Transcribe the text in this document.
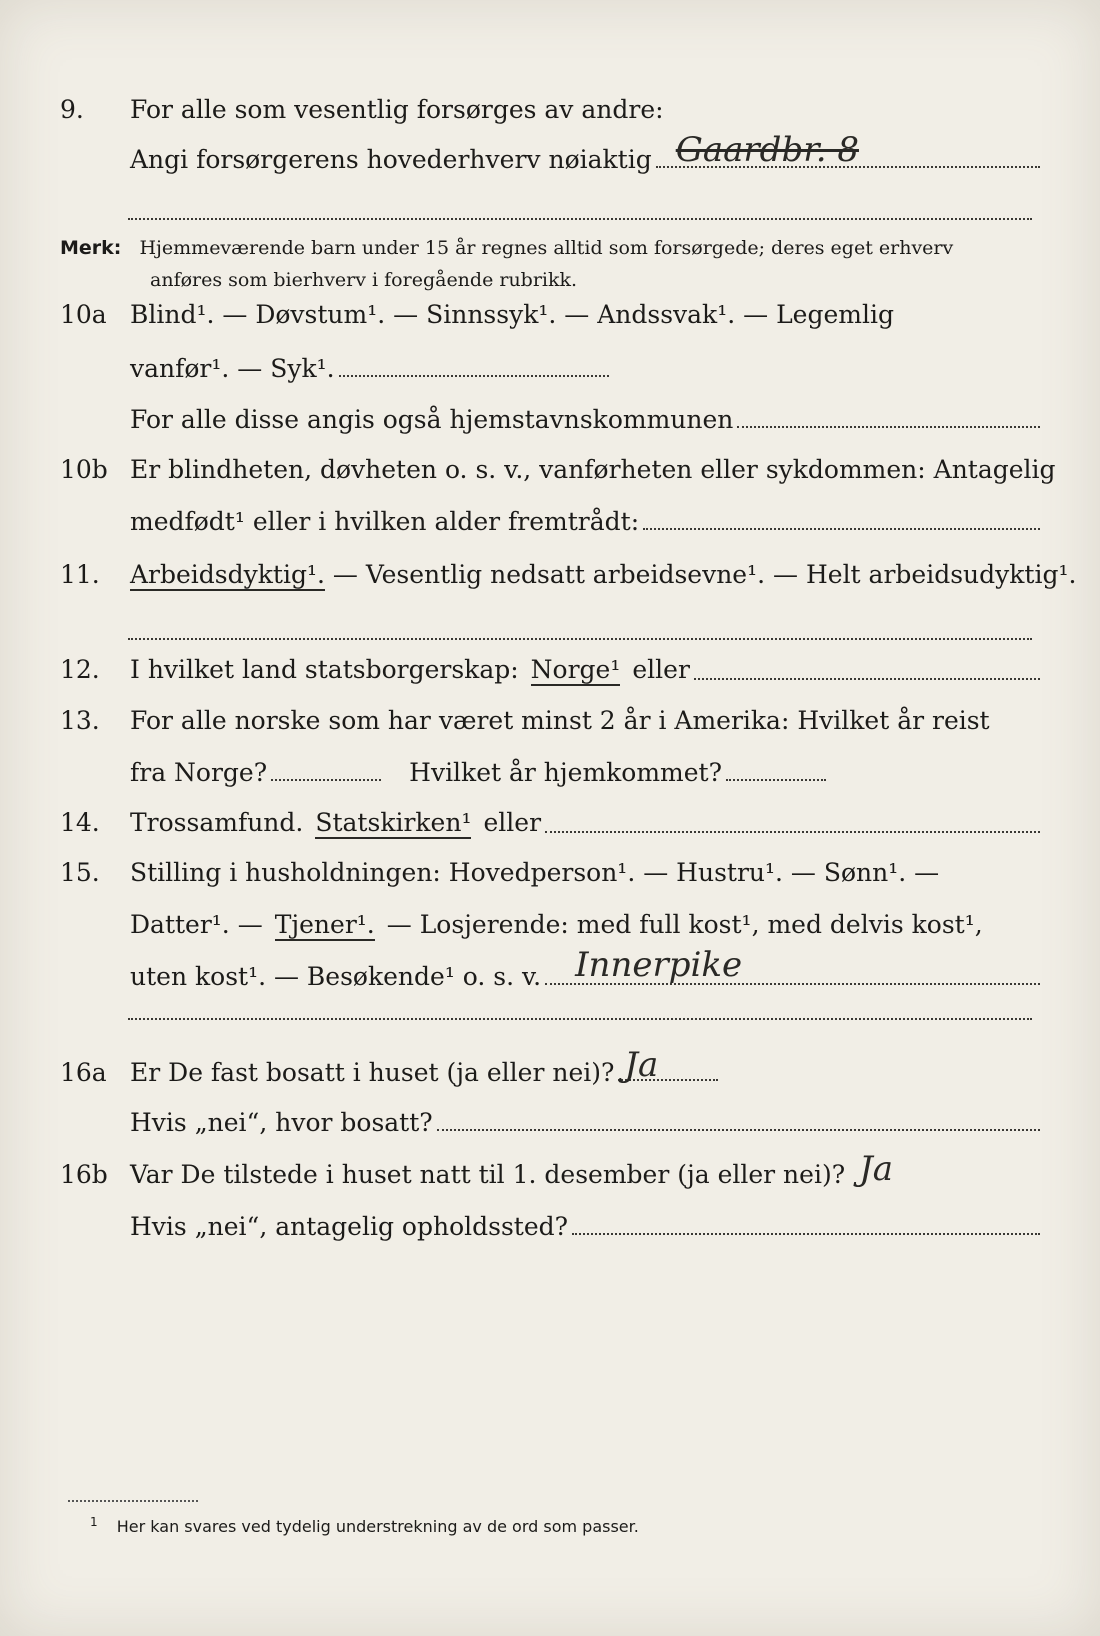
9.	For alle som vesentlig forsørges av andre:
Angi forsørgerens hovederhverv nøiaktig Gaardbr. 8
Merk: Hjemmeværende barn under 15 år regnes alltid som forsørgede; deres eget erhverv
anføres som bierhverv i foregående rubrikk.
10a Blind¹. — Døvstum¹. — Sinnssyk¹. — Andssvak¹. — Legemlig
vanfør¹. — Syk¹.
For alle disse angis også hjemstavnskommunen
10b Er blindheten, døvheten o. s. v., vanførheten eller sykdommen: Antagelig
medfødt¹ eller i hvilken alder fremtrådt:
11.	Arbeidsdyktig¹. — Vesentlig nedsatt arbeidsevne¹. — Helt arbeidsudyktig¹.
12.	I hvilket land statsborgerskap: Norge¹ eller
13.	For alle norske som har været minst 2 år i Amerika: Hvilket år reist
fra Norge?	Hvilket år hjemkommet?
14.	Trossamfund. Statskirken¹ eller
15.	Stilling i husholdningen: Hovedperson¹. — Hustru¹. — Sønn¹. —
Datter¹. — Tjener¹. — Losjerende: med full kost¹, med delvis kost¹,
uten kost¹. — Besøkende¹ o. s. v. Innerpike
16a Er De fast bosatt i huset (ja eller nei)? Ja
Hvis „nei“, hvor bosatt?
16b Var De tilstede i huset natt til 1. desember (ja eller nei)? Ja
Hvis „nei“, antagelig opholdssted?
$^1$ Her kan svares ved tydelig understrekning av de ord som passer.
